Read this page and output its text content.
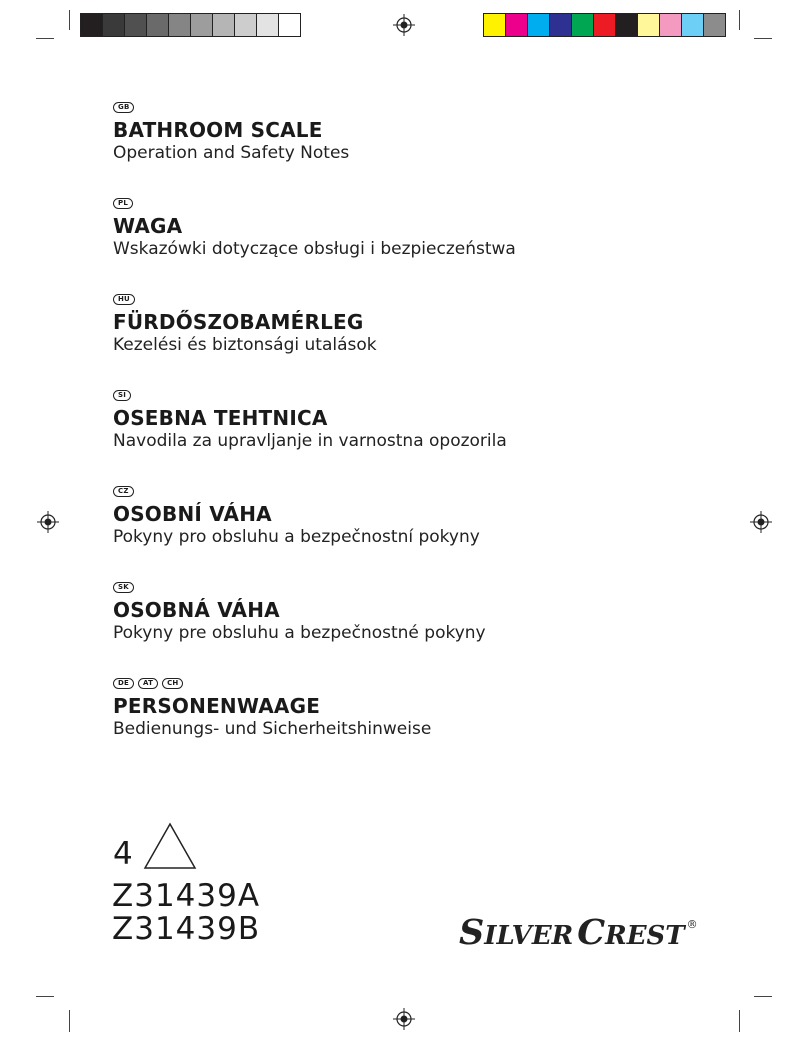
GB
BATHROOM SCALE
Operation and Safety Notes
PL
WAGA
Wskazówki dotyczące obsługi i bezpieczeństwa
HU
FÜRDŐSZOBAMÉRLEG
Kezelési és biztonsági utalások
SI
OSEBNA TEHTNICA
Navodila za upravljanje in varnostna opozorila
CZ
OSOBNÍ VÁHA
Pokyny pro obsluhu a bezpečnostní pokyny
SK
OSOBNÁ VÁHA
Pokyny pre obsluhu a bezpečnostné pokyny
DE	AT	CH
PERSONENWAAGE
Bedienungs- und Sicherheitshinweise
4
Z31439A
Z31439B	SILVER CREST ®
